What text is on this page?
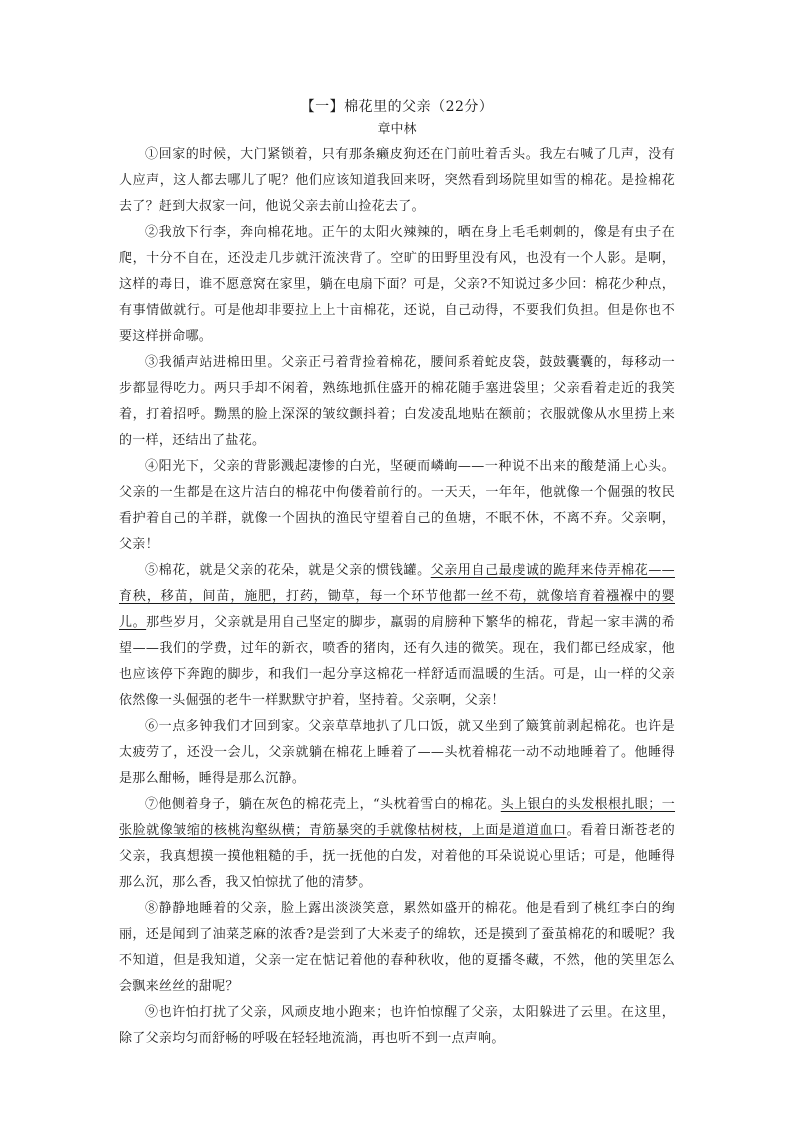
【一】棉花里的父亲（22分）
章中林

①回家的时候，大门紧锁着，只有那条癞皮狗还在门前吐着舌头。我左右喊了几声，没有人应声，这人都去哪儿了呢？他们应该知道我回来呀，突然看到场院里如雪的棉花。是捡棉花去了？赶到大叔家一问，他说父亲去前山捡花去了。

②我放下行李，奔向棉花地。正午的太阳火辣辣的，晒在身上毛毛刺刺的，像是有虫子在爬，十分不自在，还没走几步就汗流浃背了。空旷的田野里没有风，也没有一个人影。是啊，这样的毒日，谁不愿意窝在家里，躺在电扇下面？可是，父亲?不知说过多少回：棉花少种点，有事情做就行。可是他却非要拉上上十亩棉花，还说，自己动得，不要我们负担。但是你也不要这样拼命哪。

③我循声站进棉田里。父亲正弓着背捡着棉花，腰间系着蛇皮袋，鼓鼓囊囊的，每移动一步都显得吃力。两只手却不闲着，熟练地抓住盛开的棉花随手塞进袋里；父亲看着走近的我笑着，打着招呼。黝黑的脸上深深的皱纹颤抖着；白发凌乱地贴在额前；衣服就像从水里捞上来的一样，还结出了盐花。

④阳光下，父亲的背影溅起凄惨的白光，坚硬而嶙峋——一种说不出来的酸楚涌上心头。父亲的一生都是在这片洁白的棉花中佝偻着前行的。一天天，一年年，他就像一个倔强的牧民看护着自己的羊群，就像一个固执的渔民守望着自己的鱼塘，不眠不休，不离不弃。父亲啊，父亲！

⑤棉花，就是父亲的花朵，就是父亲的惯钱罐。父亲用自己最虔诚的跪拜来侍弄棉花——育秧，移苗，间苗，施肥，打药，锄草，每一个环节他都一丝不苟，就像培育着襁褓中的婴儿。那些岁月，父亲就是用自己坚定的脚步，羸弱的肩膀种下繁华的棉花，背起一家丰满的希望——我们的学费，过年的新衣，喷香的猪肉，还有久违的微笑。现在，我们都已经成家，他也应该停下奔跑的脚步，和我们一起分享这棉花一样舒适而温暖的生活。可是，山一样的父亲依然像一头倔强的老牛一样默默守护着，坚持着。父亲啊，父亲！

⑥一点多钟我们才回到家。父亲草草地扒了几口饭，就又坐到了簸箕前剥起棉花。也许是太疲劳了，还没一会儿，父亲就躺在棉花上睡着了——头枕着棉花一动不动地睡着了。他睡得是那么酣畅，睡得是那么沉静。

⑦他侧着身子，躺在灰色的棉花壳上，“头枕着雪白的棉花。头上银白的头发根根扎眼；一张脸就像皱缩的核桃沟壑纵横；青筋暴突的手就像枯树枝，上面是道道血口。看着日渐苍老的父亲，我真想摸一摸他粗糙的手，抚一抚他的白发，对着他的耳朵说说心里话；可是，他睡得那么沉，那么香，我又怕惊扰了他的清梦。

⑧静静地睡着的父亲，脸上露出淡淡笑意，累然如盛开的棉花。他是看到了桃红李白的绚丽，还是闻到了油菜芝麻的浓香?是尝到了大米麦子的绵软，还是摸到了蚕茧棉花的和暖呢？我不知道，但是我知道，父亲一定在惦记着他的春种秋收，他的夏播冬藏，不然，他的笑里怎么会飘来丝丝的甜呢？

⑨也许怕打扰了父亲，风顽皮地小跑来；也许怕惊醒了父亲，太阳躲进了云里。在这里，除了父亲均匀而舒畅的呼吸在轻轻地流淌，再也听不到一点声响。
